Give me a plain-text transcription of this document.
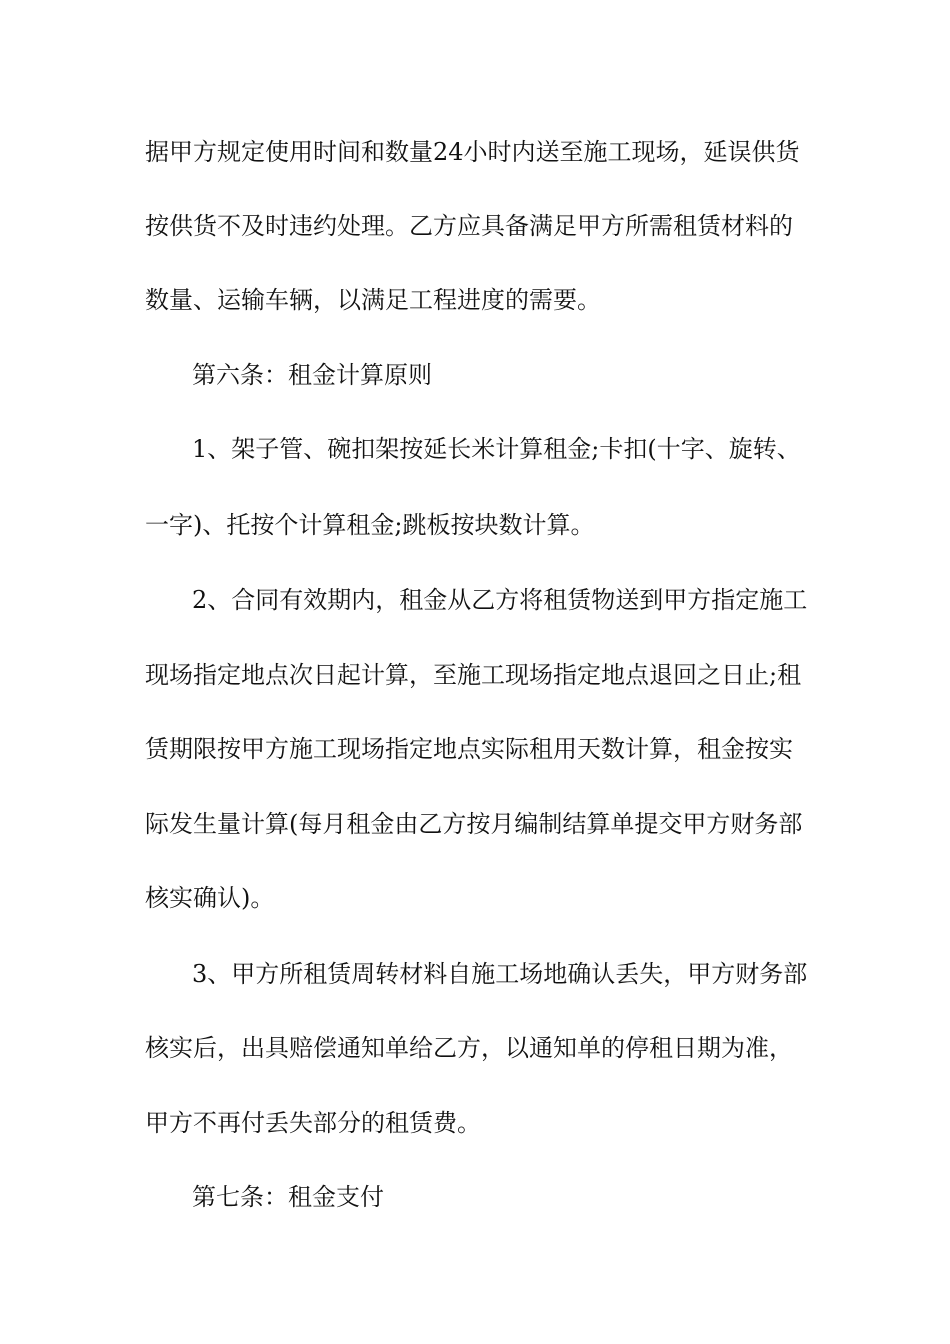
据甲方规定使用时间和数量24小时内送至施工现场，延误供货
按供货不及时违约处理。乙方应具备满足甲方所需租赁材料的
数量、运输车辆，以满足工程进度的需要。
第六条：租金计算原则
1、架子管、碗扣架按延长米计算租金;卡扣(十字、旋转、
一字)、托按个计算租金;跳板按块数计算。
2、合同有效期内，租金从乙方将租赁物送到甲方指定施工
现场指定地点次日起计算，至施工现场指定地点退回之日止;租
赁期限按甲方施工现场指定地点实际租用天数计算，租金按实
际发生量计算(每月租金由乙方按月编制结算单提交甲方财务部
核实确认)。
3、甲方所租赁周转材料自施工场地确认丢失，甲方财务部
核实后，出具赔偿通知单给乙方，以通知单的停租日期为准，
甲方不再付丢失部分的租赁费。
第七条：租金支付
